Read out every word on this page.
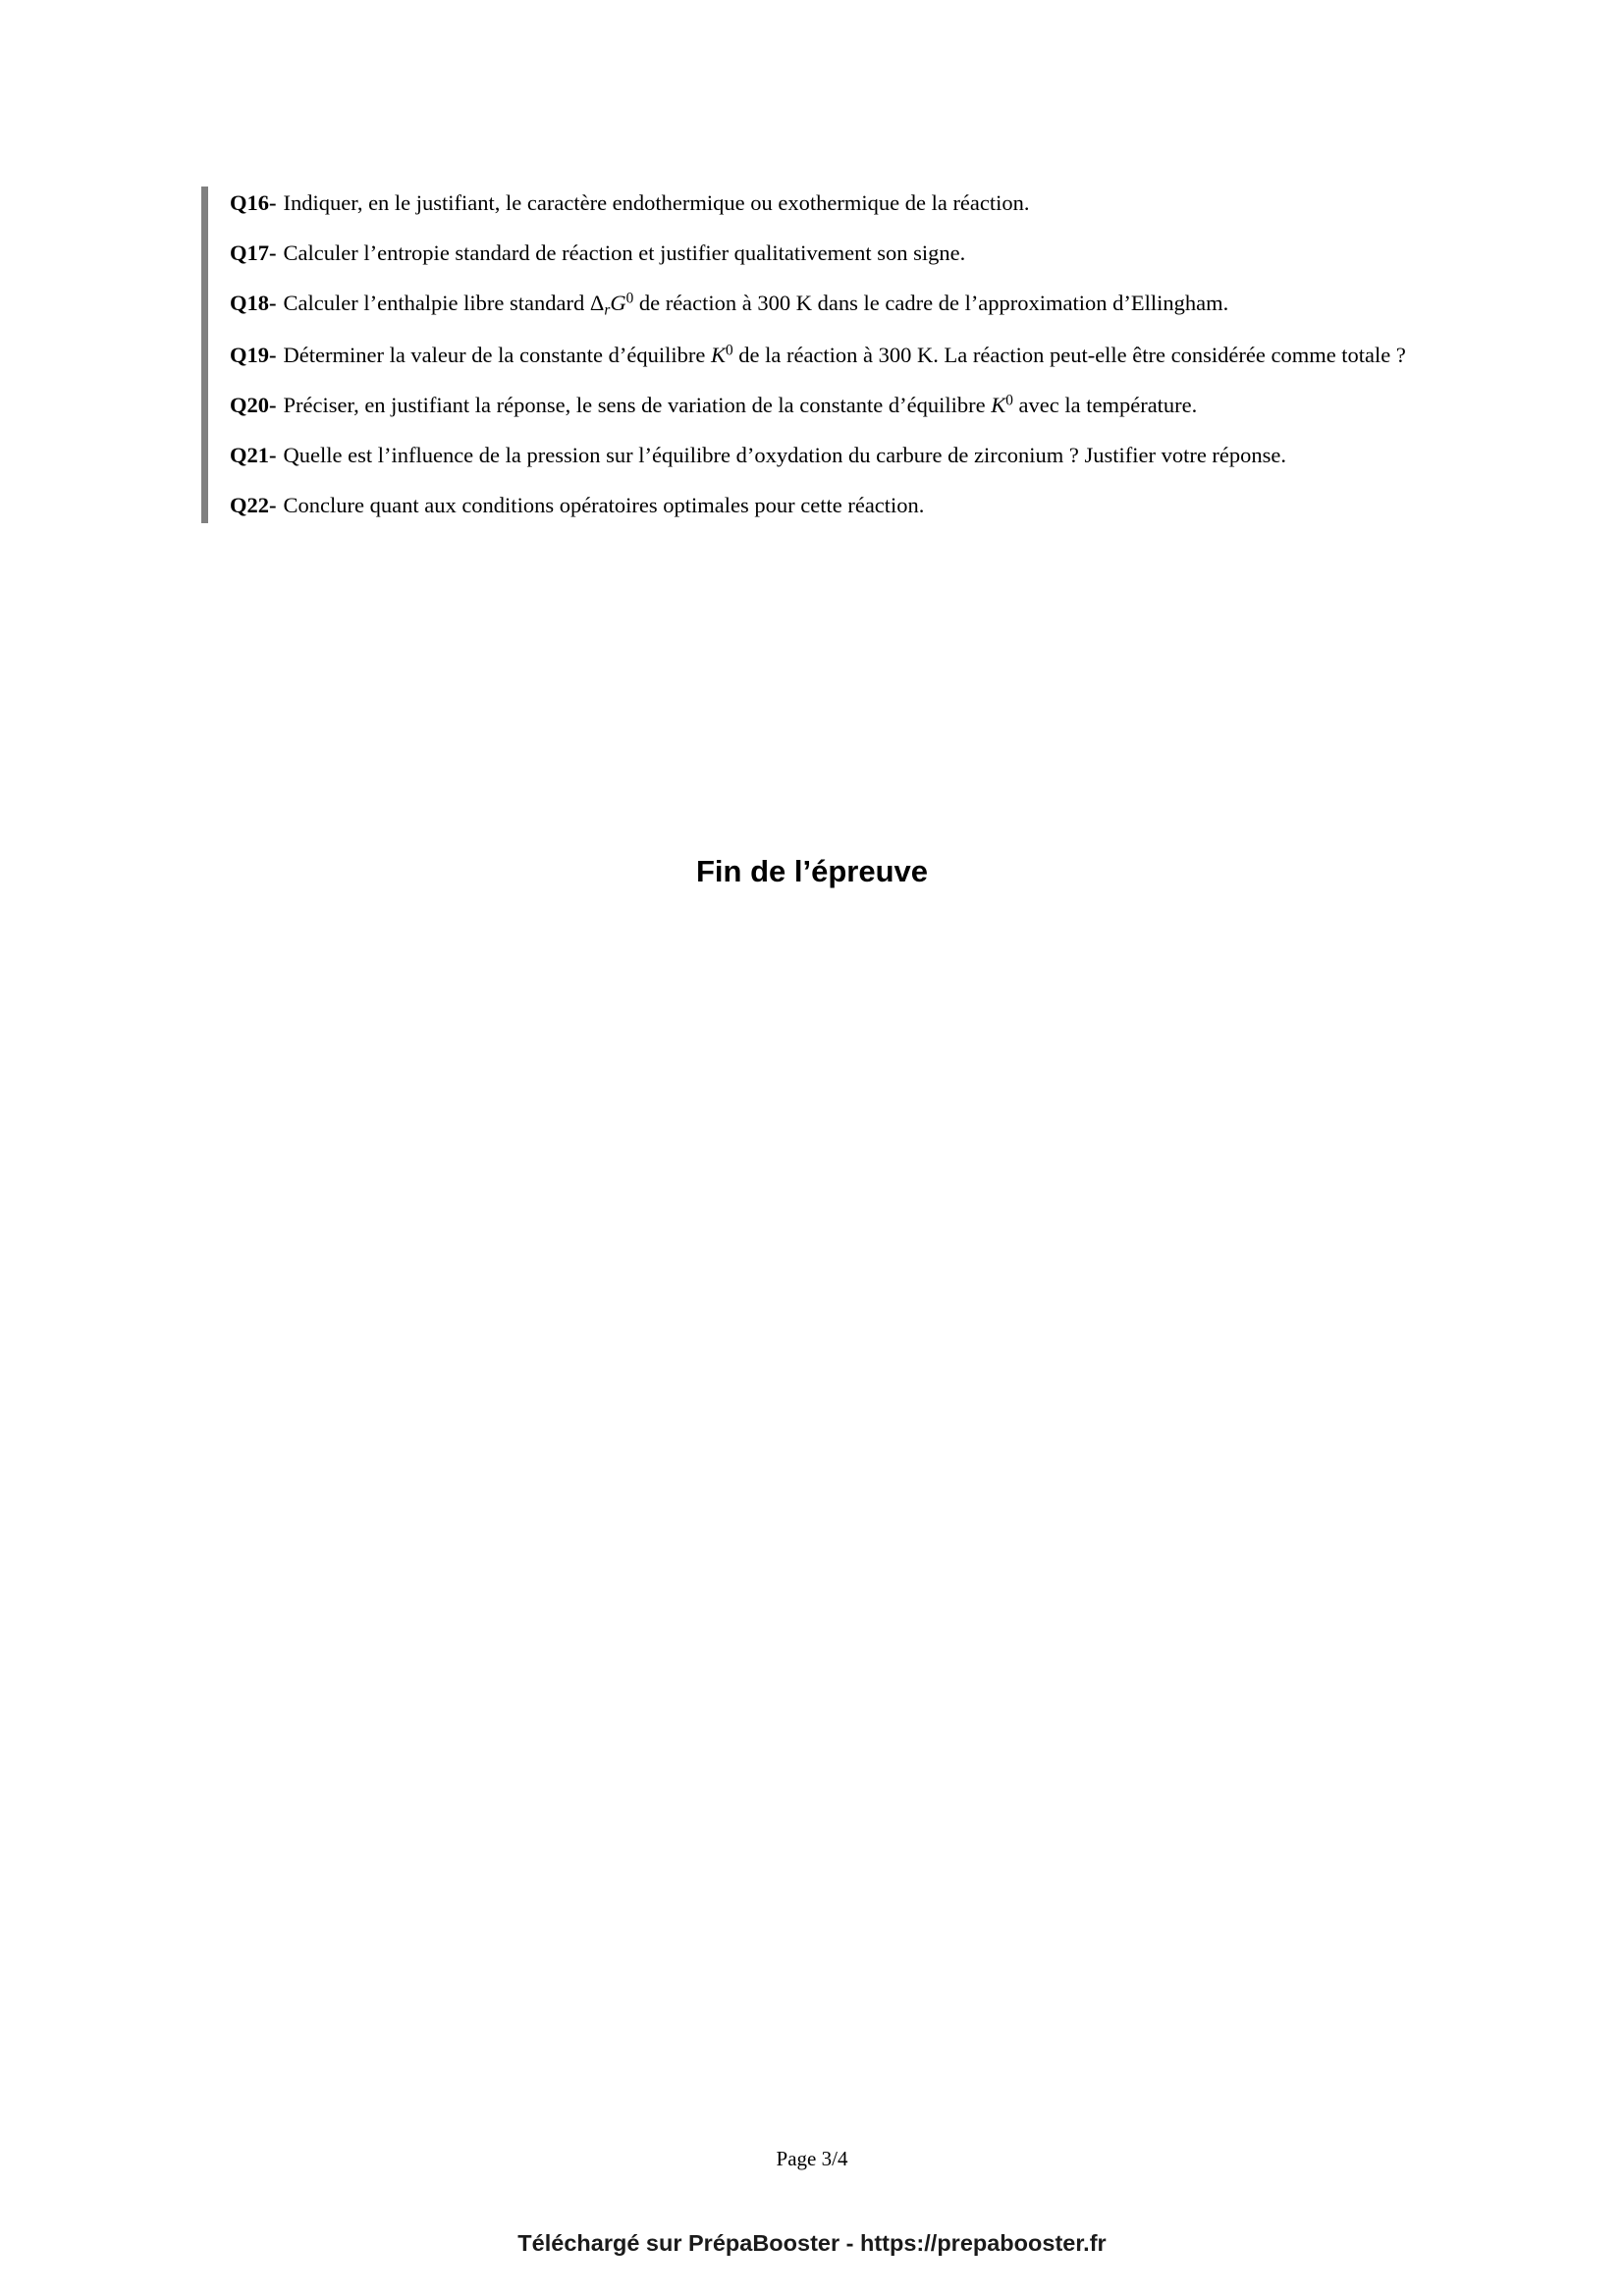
Q16- Indiquer, en le justifiant, le caractère endothermique ou exothermique de la réaction.

Q17- Calculer l’entropie standard de réaction et justifier qualitativement son signe.

Q18- Calculer l’enthalpie libre standard $\Delta_rG^0$ de réaction à 300 K dans le cadre de l’approximation d’Ellingham.

Q19- Déterminer la valeur de la constante d’équilibre $K^0$ de la réaction à 300 K. La réaction peut-elle être considérée comme totale ?

Q20- Préciser, en justifiant la réponse, le sens de variation de la constante d’équilibre $K^0$ avec la température.

Q21- Quelle est l’influence de la pression sur l’équilibre d’oxydation du carbure de zirconium ? Justifier votre réponse.

Q22- Conclure quant aux conditions opératoires optimales pour cette réaction.

Fin de l’épreuve
Page 3/4
Téléchargé sur PrépaBooster - https://prepabooster.fr
